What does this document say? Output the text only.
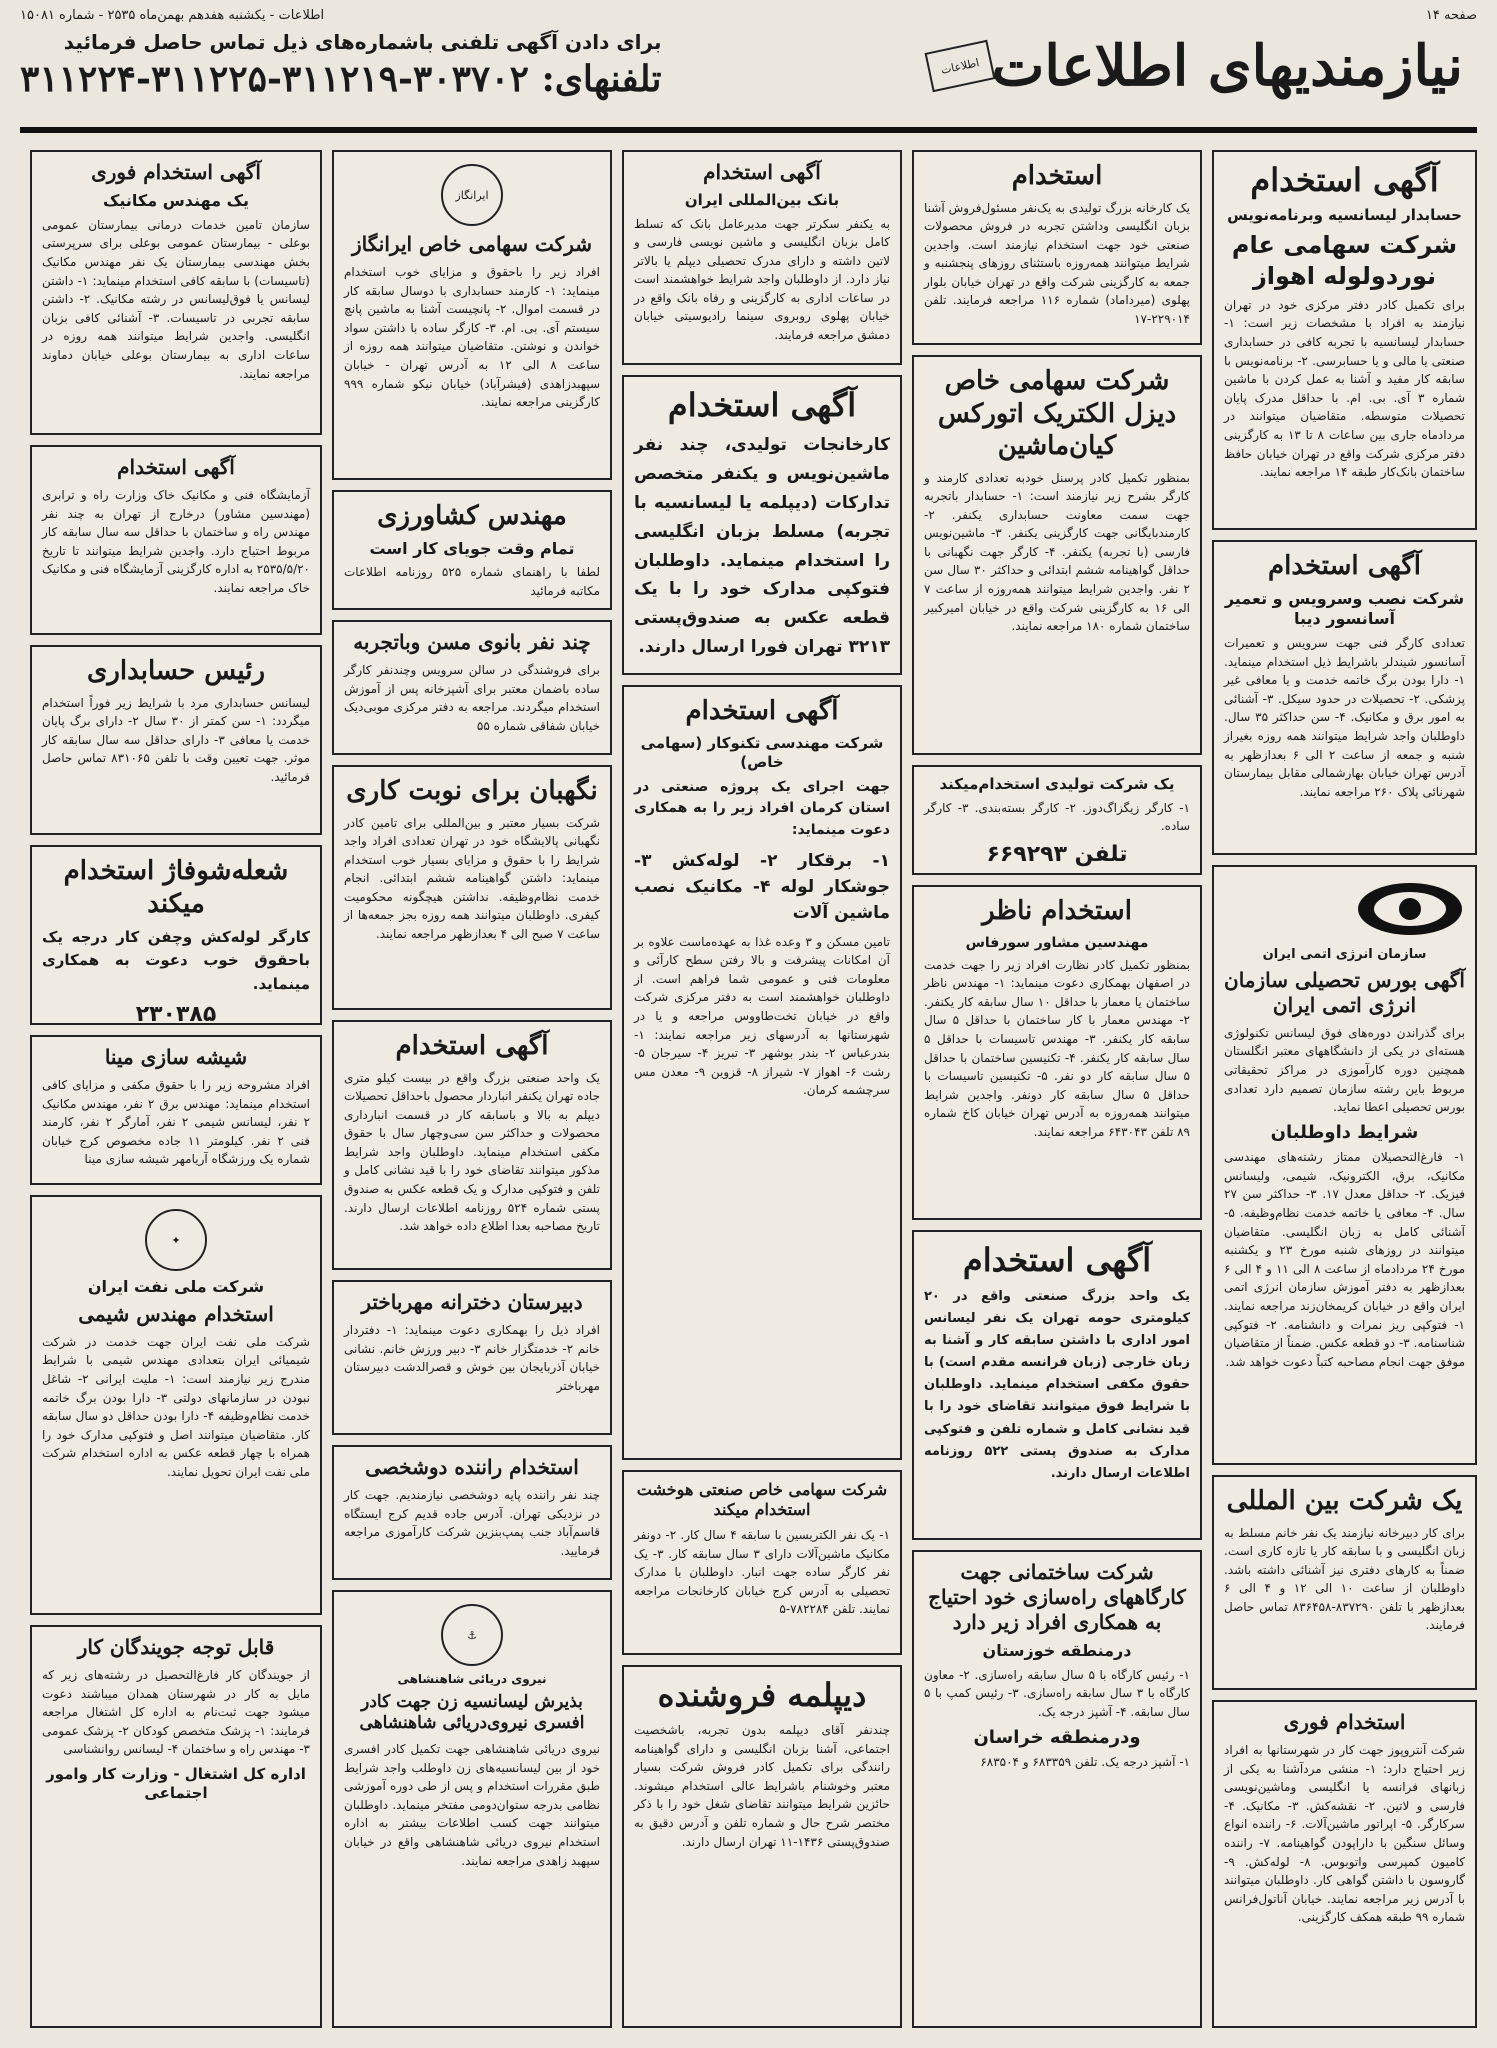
صفحه ۱۴
اطلاعات - یکشنبه هفدهم بهمن‌ماه ۲۵۳۵ - شماره ۱۵۰۸۱
نیازمندیهای اطلاعات
اطلاعات
برای دادن آگهی تلفنی باشماره‌های ذیل تماس حاصل فرمائید
تلفنهای: ۳۰۳۷۰۲-۳۱۱۲۱۹-۳۱۱۲۲۵-۳۱۱۲۲۴
آگهی استخدام
حسابدار لیسانسیه وبرنامه‌نویس
شرکت سهامی عام نوردولوله اهواز

برای تکمیل کادر دفتر مرکزی خود در تهران نیازمند به افراد با مشخصات زیر است: ۱- حسابدار لیسانسیه با تجربه کافی در حسابداری صنعتی یا مالی و یا حسابرسی. ۲- برنامه‌نویس با سابقه کار مفید و آشنا به عمل کردن با ماشین شماره ۳ آی. بی. ام. با حداقل مدرک پایان تحصیلات متوسطه. متقاضیان میتوانند در مردادماه جاری بین ساعات ۸ تا ۱۳ به کارگزینی دفتر مرکزی شرکت واقع در تهران خیابان حافظ ساختمان بانک‌کار طبقه ۱۴ مراجعه نمایند.

آگهی استخدام
شرکت نصب وسرویس و تعمیر آسانسور دیبا

تعدادی کارگر فنی جهت سرویس و تعمیرات آسانسور شیندلر باشرایط ذیل استخدام مینماید. ۱- دارا بودن برگ خاتمه خدمت و یا معافی غیر پزشکی. ۲- تحصیلات در حدود سیکل. ۳- آشنائی به امور برق و مکانیک. ۴- سن حداکثر ۳۵ سال. داوطلبان واجد شرایط میتوانند همه روزه بغیراز شنبه و جمعه از ساعت ۲ الی ۶ بعدازظهر به آدرس تهران خیابان بهارشمالی مقابل بیمارستان شهرنائی پلاک ۲۶۰ مراجعه نمایند.

سازمان انرژی اتمی ایران
آگهی بورس تحصیلی سازمان انرژی اتمی ایران

برای گذراندن دوره‌های فوق لیسانس تکنولوژی هسته‌ای در یکی از دانشگاههای معتبر انگلستان همچنین دوره کارآموزی در مراکز تحقیقاتی مربوط باین رشته سازمان تصمیم دارد تعدادی بورس تحصیلی اعطا نماید.

شرایط داوطلبان

۱- فارغ‌التحصیلان ممتاز رشته‌های مهندسی مکانیک، برق، الکترونیک، شیمی، ولیسانس فیزیک. ۲- حداقل معدل ۱۷. ۳- حداکثر سن ۲۷ سال. ۴- معافی یا خاتمه خدمت نظام‌وظیفه. ۵- آشنائی کامل به زبان انگلیسی. متقاضیان میتوانند در روزهای شنبه مورخ ۲۳ و یکشنبه مورخ ۲۴ مردادماه از ساعت ۸ الی ۱۱ و ۴ الی ۶ بعدازظهر به دفتر آموزش سازمان انرژی اتمی ایران واقع در خیابان کریمخان‌زند مراجعه نمایند. ۱- فتوکپی ریز نمرات و دانشنامه. ۲- فتوکپی شناسنامه. ۳- دو قطعه عکس. ضمناً از متقاضیان موفق جهت انجام مصاحبه کتباً دعوت خواهد شد.

یک شرکت بین المللی

برای کار دبیرخانه نیازمند یک نفر خانم مسلط به زبان انگلیسی و با سابقه کار یا تازه کاری است. ضمناً به کارهای دفتری نیز آشنائی داشته باشد. داوطلبان از ساعت ۱۰ الی ۱۲ و ۴ الی ۶ بعدازظهر با تلفن ۸۳۷۲۹۰-۸۳۶۴۵۸ تماس حاصل فرمایند.

استخدام فوری

شرکت آنتروپوز جهت کار در شهرستانها به افراد زیر احتیاج دارد: ۱- منشی مردآشنا به یکی از زبانهای فرانسه یا انگلیسی وماشین‌نویسی فارسی و لاتین. ۲- نقشه‌کش. ۳- مکانیک. ۴- سرکارگر. ۵- اپراتور ماشین‌آلات. ۶- راننده انواع وسائل سنگین با داراپودن گواهینامه. ۷- راننده کامیون کمپرسی واتوبوس. ۸- لوله‌کش. ۹- گاروسون با داشتن گواهی کار. داوطلبان میتوانند با آدرس زیر مراجعه نمایند. خیابان آناتول‌فرانس شماره ۹۹ طبقه همکف کارگزینی.

استخدام

یک کارخانه بزرگ تولیدی به یک‌نفر مسئول‌فروش آشنا بزبان انگلیسی وداشتن تجربه در فروش محصولات صنعتی خود جهت استخدام نیازمند است. واجدین شرایط میتوانند همه‌روزه باستثنای روزهای پنجشنبه و جمعه به کارگزینی شرکت واقع در تهران خیابان بلوار پهلوی (میرداماد) شماره ۱۱۶ مراجعه فرمایند. تلفن ۲۲۹۰۱۴-۱۷

شرکت سهامی خاص دیزل الکتریک اتورکس کیان‌ماشین

بمنظور تکمیل کادر پرسنل خودبه تعدادی کارمند و کارگر بشرح زیر نیازمند است: ۱- حسابدار باتجربه جهت سمت معاونت حسابداری یکنفر. ۲- کارمندبایگانی جهت کارگزینی یکنفر. ۳- ماشین‌نویس فارسی (با تجربه) یکنفر. ۴- کارگر جهت نگهبانی با حداقل گواهینامه ششم ابتدائی و حداکثر ۳۰ سال سن ۲ نفر. واجدین شرایط میتوانند همه‌روزه از ساعت ۷ الی ۱۶ به کارگزینی شرکت واقع در خیابان امیرکبیر ساختمان شماره ۱۸۰ مراجعه نمایند.

یک شرکت تولیدی استخدام‌میکند

۱- کارگر زیگزاگ‌دوز. ۲- کارگر بسته‌بندی. ۳- کارگر ساده.

تلفن ۶۶۹۲۹۳
استخدام ناظر
مهندسین مشاور سورفاس

بمنظور تکمیل کادر نظارت افراد زیر را جهت خدمت در اصفهان بهمکاری دعوت مینماید: ۱- مهندس ناظر ساختمان یا معمار با حداقل ۱۰ سال سابقه کار یکنفر. ۲- مهندس معمار با کار ساختمان با حداقل ۵ سال سابقه کار یکنفر. ۳- مهندس تاسیسات با حداقل ۵ سال سابقه کار یکنفر. ۴- تکنیسین ساختمان با حداقل ۵ سال سابقه کار دو نفر. ۵- تکنیسین تاسیسات با حداقل ۵ سال سابقه کار دونفر. واجدین شرایط میتوانند همه‌روزه به آدرس تهران خیابان کاخ شماره ۸۹ تلفن ۶۴۳۰۴۳ مراجعه نمایند.

آگهی استخدام

یک واحد بزرگ صنعتی واقع در ۲۰ کیلومتری حومه تهران یک نفر لیسانس امور اداری با داشتن سابقه کار و آشنا به زبان خارجی (زبان فرانسه مقدم است) با حقوق مکفی استخدام مینماید. داوطلبان با شرایط فوق میتوانند تقاضای خود را با قید نشانی کامل و شماره تلفن و فتوکپی مدارک به صندوق پستی ۵۲۲ روزنامه اطلاعات ارسال دارند.

شرکت ساختمانی جهت کارگاههای راه‌سازی خود احتیاج به همکاری افراد زیر دارد
درمنطقه خوزستان

۱- رئیس کارگاه با ۵ سال سابقه راه‌سازی. ۲- معاون کارگاه با ۳ سال سابقه راه‌سازی. ۳- رئیس کمپ با ۵ سال سابقه. ۴- آشپز درجه یک.

ودرمنطقه خراسان

۱- آشپز درجه یک. تلفن ۶۸۳۳۵۹ و ۶۸۳۵۰۴

آگهی استخدام
بانک بین‌المللی ایران

به یکنفر سکرتر جهت مدیرعامل بانک که تسلط کامل بزبان انگلیسی و ماشین نویسی فارسی و لاتین داشته و دارای مدرک تحصیلی دیپلم یا بالاتر نیاز دارد. از داوطلبان واجد شرایط خواهشمند است در ساعات اداری به کارگزینی و رفاه بانک واقع در خیابان پهلوی روبروی سینما رادیوسیتی خیابان دمشق مراجعه فرمایند.

آگهی استخدام

کارخانجات تولیدی، چند نفر ماشین‌نویس و یکنفر متخصص تدارکات (دیپلمه یا لیسانسیه با تجربه) مسلط بزبان انگلیسی را استخدام مینماید. داوطلبان فتوکپی مدارک خود را با یک قطعه عکس به صندوق‌پستی ۳۲۱۳ تهران فورا ارسال دارند.

آگهی استخدام
شرکت مهندسی تکنوکار (سهامی خاص)

جهت اجرای یک پروژه صنعتی در استان کرمان افراد زیر را به همکاری دعوت مینماید:

۱- برقکار ۲- لوله‌کش ۳- جوشکار لوله ۴- مکانیک نصب ماشین آلات

تامین مسکن و ۳ وعده غذا به عهده‌ماست علاوه بر آن امکانات پیشرفت و بالا رفتن سطح کارآئی و معلومات فنی و عمومی شما فراهم است. از داوطلبان خواهشمند است به دفتر مرکزی شرکت واقع در خیابان تخت‌طاووس مراجعه و یا در شهرستانها به آدرسهای زیر مراجعه نمایند: ۱- بندرعباس ۲- بندر بوشهر ۳- تبریز ۴- سیرجان ۵- رشت ۶- اهواز ۷- شیراز ۸- قزوین ۹- معدن مس سرچشمه کرمان.

شرکت سهامی خاص صنعتی هوخشت استخدام میکند

۱- یک نفر الکتریسین با سابقه ۴ سال کار. ۲- دونفر مکانیک ماشین‌آلات دارای ۳ سال سابقه کار. ۳- یک نفر کارگر ساده جهت انبار. داوطلبان با مدارک تحصیلی به آدرس کرج خیابان کارخانجات مراجعه نمایند. تلفن ۷۸۲۲۸۴-۵

دیپلمه فروشنده

چندنفر آقای دیپلمه بدون تجربه، باشخصیت اجتماعی، آشنا بزبان انگلیسی و دارای گواهینامه رانندگی برای تکمیل کادر فروش شرکت بسیار معتبر وخوشنام باشرایط عالی استخدام میشوند. حائزین شرایط میتوانند تقاضای شغل خود را با ذکر مختصر شرح حال و شماره تلفن و آدرس دقیق به صندوق‌پستی ۱۴۳۶-۱۱ تهران ارسال دارند.

ایرانگاز
شرکت سهامی خاص ایرانگاز

افراد زیر را باحقوق و مزایای خوب استخدام مینماید: ۱- کارمند حسابداری با دوسال سابقه کار در قسمت اموال. ۲- پانچیست آشنا به ماشین پانچ سیستم آی. بی. ام. ۳- کارگر ساده با داشتن سواد خواندن و نوشتن. متقاضیان میتوانند همه روزه از ساعت ۸ الی ۱۲ به آدرس تهران - خیابان سپهبدزاهدی (فیشرآباد) خیابان نیکو شماره ۹۹۹ کارگزینی مراجعه نمایند.

مهندس کشاورزی
تمام وقت جویای کار است

لطفا با راهنمای شماره ۵۲۵ روزنامه اطلاعات مکاتبه فرمائید

چند نفر بانوی مسن وباتجربه

برای فروشندگی در سالن سرویس وچندنفر کارگر ساده باضمان معتبر برای آشپزخانه پس از آموزش استخدام میگردند. مراجعه به دفتر مرکزی موبی‌دیک خیابان شفاقی شماره ۵۵

نگهبان برای نوبت کاری

شرکت بسیار معتبر و بین‌المللی برای تامین کادر نگهبانی پالایشگاه خود در تهران تعدادی افراد واجد شرایط را با حقوق و مزایای بسیار خوب استخدام مینماید: داشتن گواهینامه ششم ابتدائی. انجام خدمت نظام‌وظیفه. نداشتن هیچگونه محکومیت کیفری. داوطلبان میتوانند همه روزه بجز جمعه‌ها از ساعت ۷ صبح الی ۴ بعدازظهر مراجعه نمایند.

آگهی استخدام

یک واحد صنعتی بزرگ واقع در بیست کیلو متری جاده تهران یکنفر انباردار محصول باحداقل تحصیلات دیپلم به بالا و باسابقه کار در قسمت انبارداری محصولات و حداکثر سن سی‌وچهار سال با حقوق مکفی استخدام مینماید. داوطلبان واجد شرایط مذکور میتوانند تقاضای خود را با قید نشانی کامل و تلفن و فتوکپی مدارک و یک قطعه عکس به صندوق پستی شماره ۵۲۴ روزنامه اطلاعات ارسال دارند. تاریخ مصاحبه بعدا اطلاع داده خواهد شد.

دبیرستان دخترانه مهرباختر

افراد ذیل را بهمکاری دعوت مینماید: ۱- دفتردار خانم ۲- خدمتگزار خانم ۳- دبیر ورزش خانم. نشانی خیابان آذربایجان بین خوش و قصرالدشت دبیرستان مهرباختر

استخدام راننده دوشخصی

چند نفر راننده پایه دوشخصی نیازمندیم. جهت کار در نزدیکی تهران. آدرس جاده قدیم کرج ایستگاه قاسم‌آباد جنب پمپ‌بنزین شرکت کارآموزی مراجعه فرمایید.

⚓
نیروی دریائی شاهنشاهی
بذیرش لیسانسیه زن جهت کادر افسری نیروی‌دریائی شاهنشاهی

نیروی دریائی شاهنشاهی جهت تکمیل کادر افسری خود از بین لیسانسیه‌های زن داوطلب واجد شرایط طبق مقررات استخدام و پس از طی دوره آموزشی نظامی بدرجه ستوان‌دومی مفتخر مینماید. داوطلبان میتوانند جهت کسب اطلاعات بیشتر به اداره استخدام نیروی دریائی شاهنشاهی واقع در خیابان سپهبد زاهدی مراجعه نمایند.

آگهی استخدام فوری
یک مهندس مکانیک

سازمان تامین خدمات درمانی بیمارستان عمومی بوعلی - بیمارستان عمومی بوعلی برای سرپرستی بخش مهندسی بیمارستان یک نفر مهندس مکانیک (تاسیسات) با سابقه کافی استخدام مینماید: ۱- داشتن لیسانس یا فوق‌لیسانس در رشته مکانیک. ۲- داشتن سابقه تجربی در تاسیسات. ۳- آشنائی کافی بزبان انگلیسی. واجدین شرایط میتوانند همه روزه در ساعات اداری به بیمارستان بوعلی خیابان دماوند مراجعه نمایند.

آگهی استخدام

آزمایشگاه فنی و مکانیک خاک وزارت راه و ترابری (مهندسین مشاور) درخارج از تهران به چند نفر مهندس راه و ساختمان با حداقل سه سال سابقه کار مربوط احتیاج دارد. واجدین شرایط میتوانند تا تاریخ ۲۵۳۵/۵/۲۰ به اداره کارگزینی آزمایشگاه فنی و مکانیک خاک مراجعه نمایند.

رئیس حسابداری

لیسانس حسابداری مرد با شرایط زیر فوراً استخدام میگردد: ۱- سن کمتر از ۳۰ سال ۲- دارای برگ پایان خدمت یا معافی ۳- دارای حداقل سه سال سابقه کار موثر. جهت تعیین وقت با تلفن ۸۳۱۰۶۵ تماس حاصل فرمائید.

شعله‌شوفاژ استخدام میکند

کارگر لوله‌کش وچفن کار درجه یک باحقوق خوب دعوت به همکاری مینماید.

۲۳۰۳۸۵
شیشه سازی مینا

افراد مشروحه زیر را با حقوق مکفی و مزایای کافی استخدام مینماید: مهندس برق ۲ نفر، مهندس مکانیک ۲ نفر، لیسانس شیمی ۲ نفر، آمارگر ۲ نفر، کارمند فنی ۲ نفر. کیلومتر ۱۱ جاده مخصوص کرج خیابان شماره یک ورزشگاه آریامهر شیشه سازی مینا

✦
شرکت ملی نفت ایران
استخدام مهندس شیمی

شرکت ملی نفت ایران جهت خدمت در شرکت شیمیائی ایران بتعدادی مهندس شیمی با شرایط مندرج زیر نیازمند است: ۱- ملیت ایرانی ۲- شاغل نبودن در سازمانهای دولتی ۳- دارا بودن برگ خاتمه خدمت نظام‌وظیفه ۴- دارا بودن حداقل دو سال سابقه کار. متقاضیان میتوانند اصل و فتوکپی مدارک خود را همراه با چهار قطعه عکس به اداره استخدام شرکت ملی نفت ایران تحویل نمایند.

قابل توجه جویندگان کار

از جویندگان کار فارغ‌التحصیل در رشته‌های زیر که مایل به کار در شهرستان همدان میباشند دعوت میشود جهت ثبت‌نام به اداره کل اشتغال مراجعه فرمایند: ۱- پزشک متخصص کودکان ۲- پزشک عمومی ۳- مهندس راه و ساختمان ۴- لیسانس روانشناسی

اداره کل اشتغال - وزارت کار وامور اجتماعی
